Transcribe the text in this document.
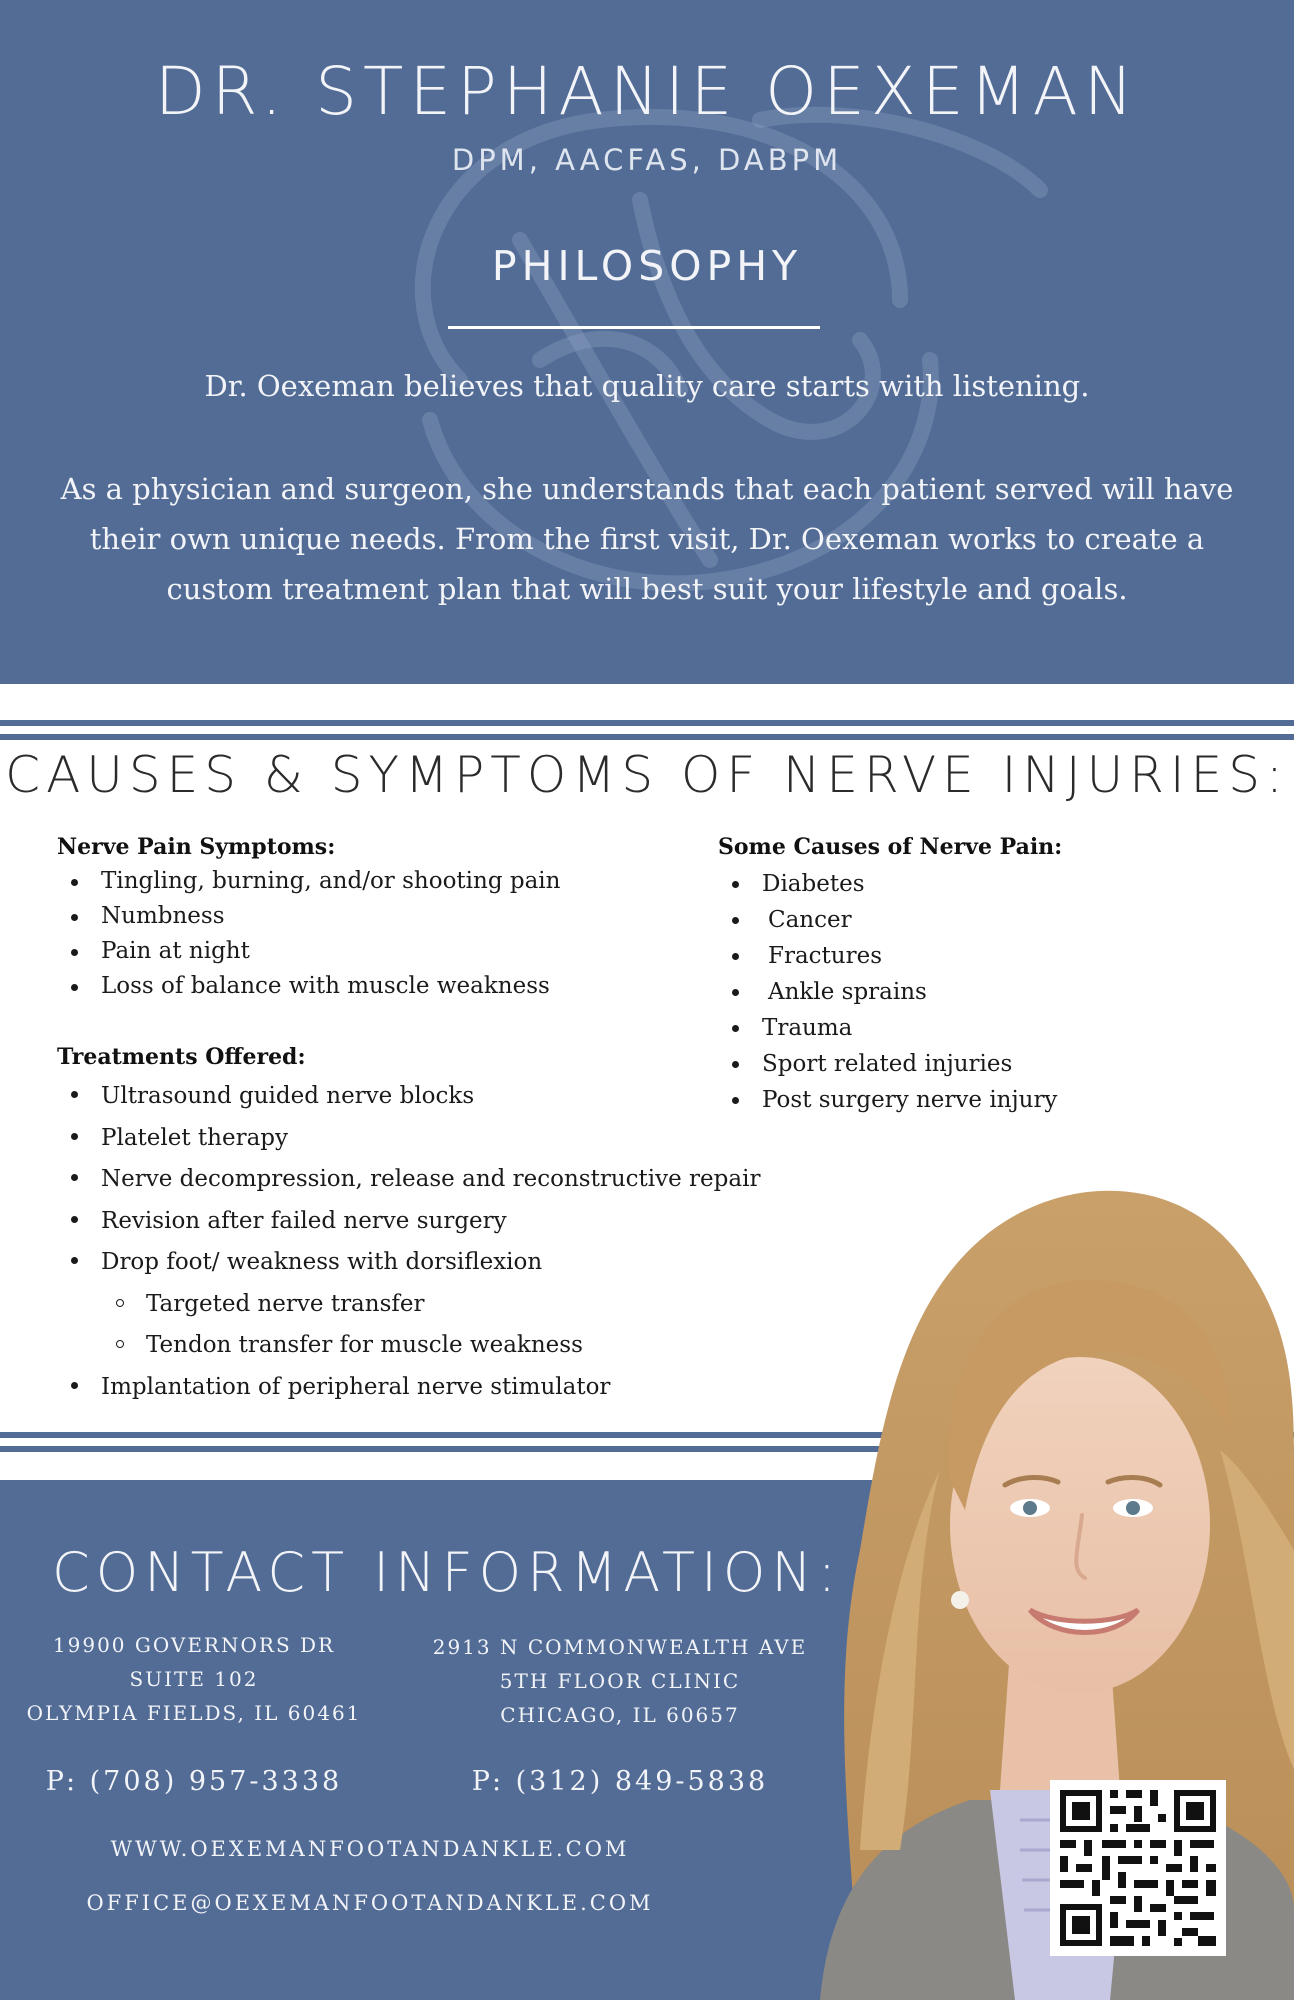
DR. STEPHANIE OEXEMAN
DPM, AACFAS, DABPM
PHILOSOPHY
Dr. Oexeman believes that quality care starts with listening.
As a physician and surgeon, she understands that each patient served will have their own unique needs. From the first visit, Dr. Oexeman works to create a custom treatment plan that will best suit your lifestyle and goals.
CAUSES & SYMPTOMS OF NERVE INJURIES:
Nerve Pain Symptoms:
Tingling, burning, and/or shooting pain
Numbness
Pain at night
Loss of balance with muscle weakness
Treatments Offered:
Ultrasound guided nerve blocks
Platelet therapy
Nerve decompression, release and reconstructive repair
Revision after failed nerve surgery
Drop foot/ weakness with dorsiflexion
Targeted nerve transfer
Tendon transfer for muscle weakness
Implantation of peripheral nerve stimulator
Some Causes of Nerve Pain:
Diabetes
Cancer
Fractures
Ankle sprains
Trauma
Sport related injuries
Post surgery nerve injury
CONTACT INFORMATION:
19900 GOVERNORS DR
SUITE 102
OLYMPIA FIELDS, IL 60461
2913 N COMMONWEALTH AVE
5TH FLOOR CLINIC
CHICAGO, IL 60657
P: (708) 957-3338	P: (312) 849-5838
WWW.OEXEMANFOOTANDANKLE.COM
OFFICE@OEXEMANFOOTANDANKLE.COM
